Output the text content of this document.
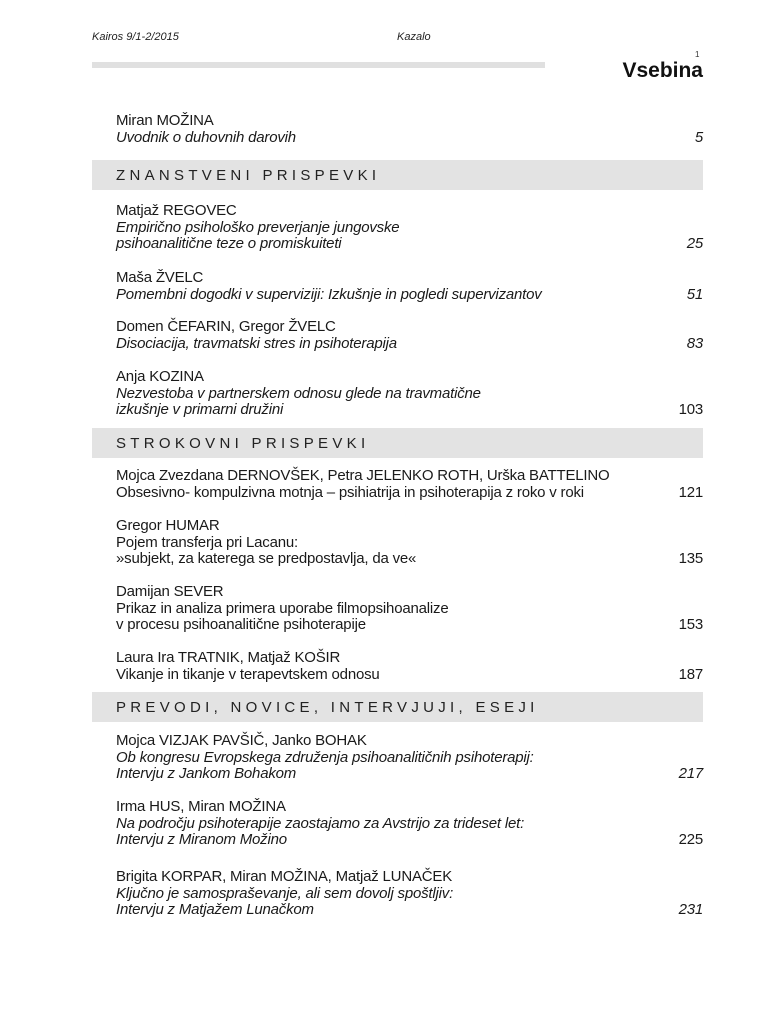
Kairos 9/1-2/2015	Kazalo
1
Vsebina
Miran MOŽINA
Uvodnik o duhovnih darovih	5
ZNANSTVENI PRISPEVKI
Matjaž REGOVEC
Empirično psihološko preverjanje jungovske
psihoanalitične teze o promiskuiteti	25
Maša ŽVELC
Pomembni dogodki v superviziji: Izkušnje in pogledi supervizantov	51
Domen ČEFARIN, Gregor ŽVELC
Disociacija, travmatski stres in psihoterapija	83
Anja KOZINA
Nezvestoba v partnerskem odnosu glede na travmatične
izkušnje v primarni družini	103
STROKOVNI PRISPEVKI
Mojca Zvezdana DERNOVŠEK, Petra JELENKO ROTH, Urška BATTELINO
Obsesivno- kompulzivna motnja – psihiatrija in psihoterapija z roko v roki	121
Gregor HUMAR
Pojem transferja pri Lacanu:
»subjekt, za katerega se predpostavlja, da ve«	135
Damijan SEVER
Prikaz in analiza primera uporabe filmopsihoanalize
v procesu psihoanalitične psihoterapije	153
Laura Ira TRATNIK, Matjaž KOŠIR
Vikanje in tikanje v terapevtskem odnosu	187
PREVODI, NOVICE, INTERVJUJI, ESEJI
Mojca VIZJAK PAVŠIČ, Janko BOHAK
Ob kongresu Evropskega združenja psihoanalitičnih psihoterapij:
Intervju z Jankom Bohakom	217
Irma HUS, Miran MOŽINA
Na področju psihoterapije zaostajamo za Avstrijo za trideset let:
Intervju z Miranom Možino	225
Brigita KORPAR, Miran MOŽINA, Matjaž LUNAČEK
Ključno je samospraševanje, ali sem dovolj spoštljiv:
Intervju z Matjažem Lunačkom	231
